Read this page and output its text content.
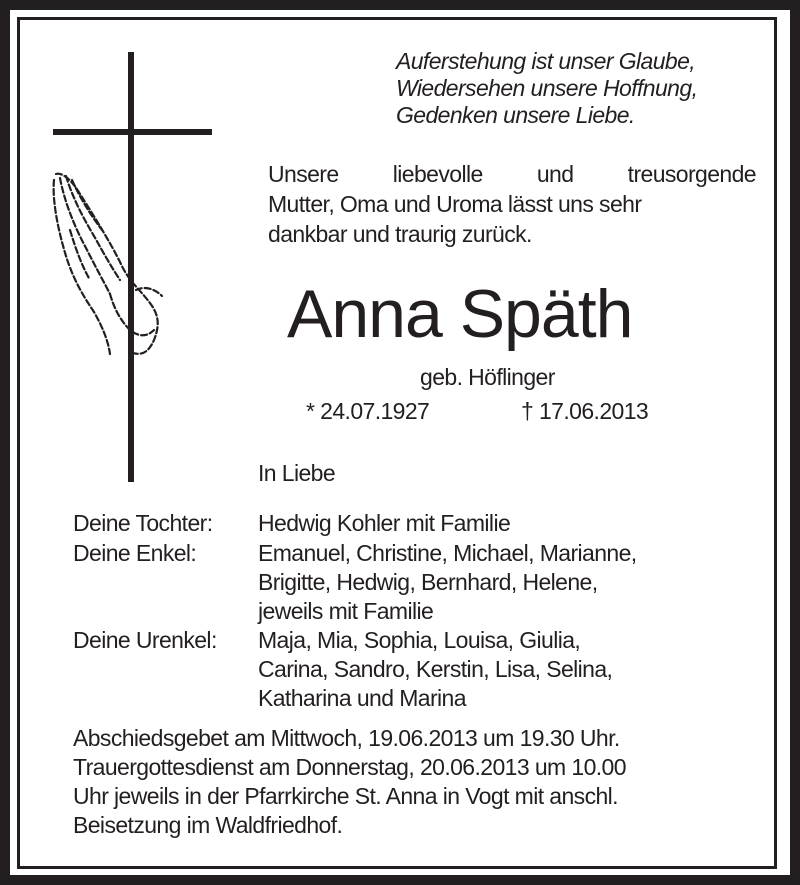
Auferstehung ist unser Glaube,
Wiedersehen unsere Hoffnung,
Gedenken unsere Liebe.
Unsere liebevolle und treusorgende
Mutter, Oma und Uroma lässt uns sehr
dankbar und traurig zurück.
Anna Späth
geb. Höflinger
* 24.07.1927	† 17.06.2013
In Liebe
Deine Tochter: Hedwig Kohler mit Familie
Deine Enkel:	Emanuel, Christine, Michael, Marianne,
Brigitte, Hedwig, Bernhard, Helene,
jeweils mit Familie
Deine Urenkel: Maja, Mia, Sophia, Louisa, Giulia,
Carina, Sandro, Kerstin, Lisa, Selina,
Katharina und Marina
Abschiedsgebet am Mittwoch, 19.06.2013 um 19.30 Uhr.
Trauergottesdienst am Donnerstag, 20.06.2013 um 10.00
Uhr jeweils in der Pfarrkirche St. Anna in Vogt mit anschl.
Beisetzung im Waldfriedhof.
